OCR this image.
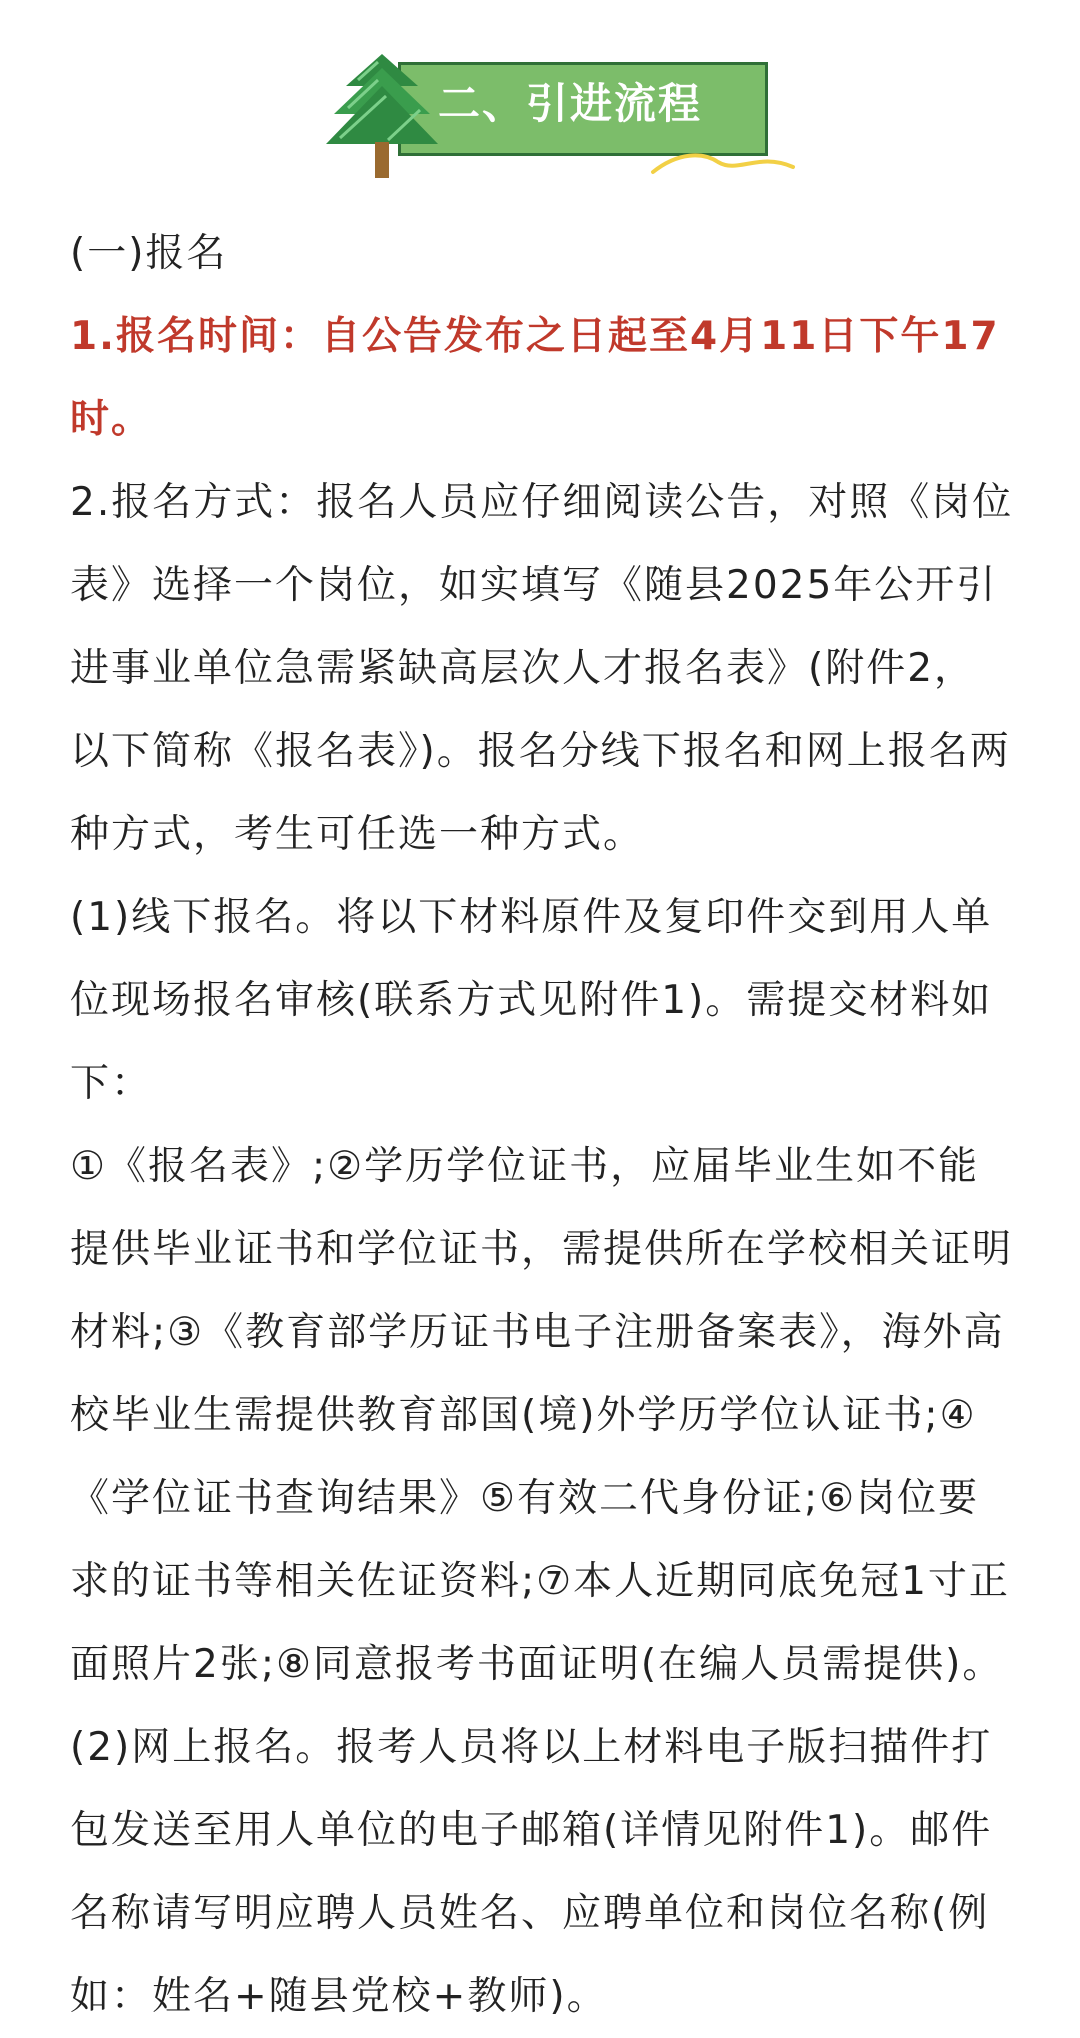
二、引进流程

(一)报名

1.报名时间：自公告发布之日起至4月11日下午17时。

2.报名方式：报名人员应仔细阅读公告，对照《岗位表》选择一个岗位，如实填写《随县2025年公开引进事业单位急需紧缺高层次人才报名表》(附件2，以下简称《报名表》)。报名分线下报名和网上报名两种方式，考生可任选一种方式。

(1)线下报名。将以下材料原件及复印件交到用人单位现场报名审核(联系方式见附件1)。需提交材料如下：

①《报名表》;②学历学位证书，应届毕业生如不能提供毕业证书和学位证书，需提供所在学校相关证明材料;③《教育部学历证书电子注册备案表》，海外高校毕业生需提供教育部国(境)外学历学位认证书;④《学位证书查询结果》⑤有效二代身份证;⑥岗位要求的证书等相关佐证资料;⑦本人近期同底免冠1寸正面照片2张;⑧同意报考书面证明(在编人员需提供)。

(2)网上报名。报考人员将以上材料电子版扫描件打包发送至用人单位的电子邮箱(详情见附件1)。邮件名称请写明应聘人员姓名、应聘单位和岗位名称(例如：姓名+随县党校+教师)。
